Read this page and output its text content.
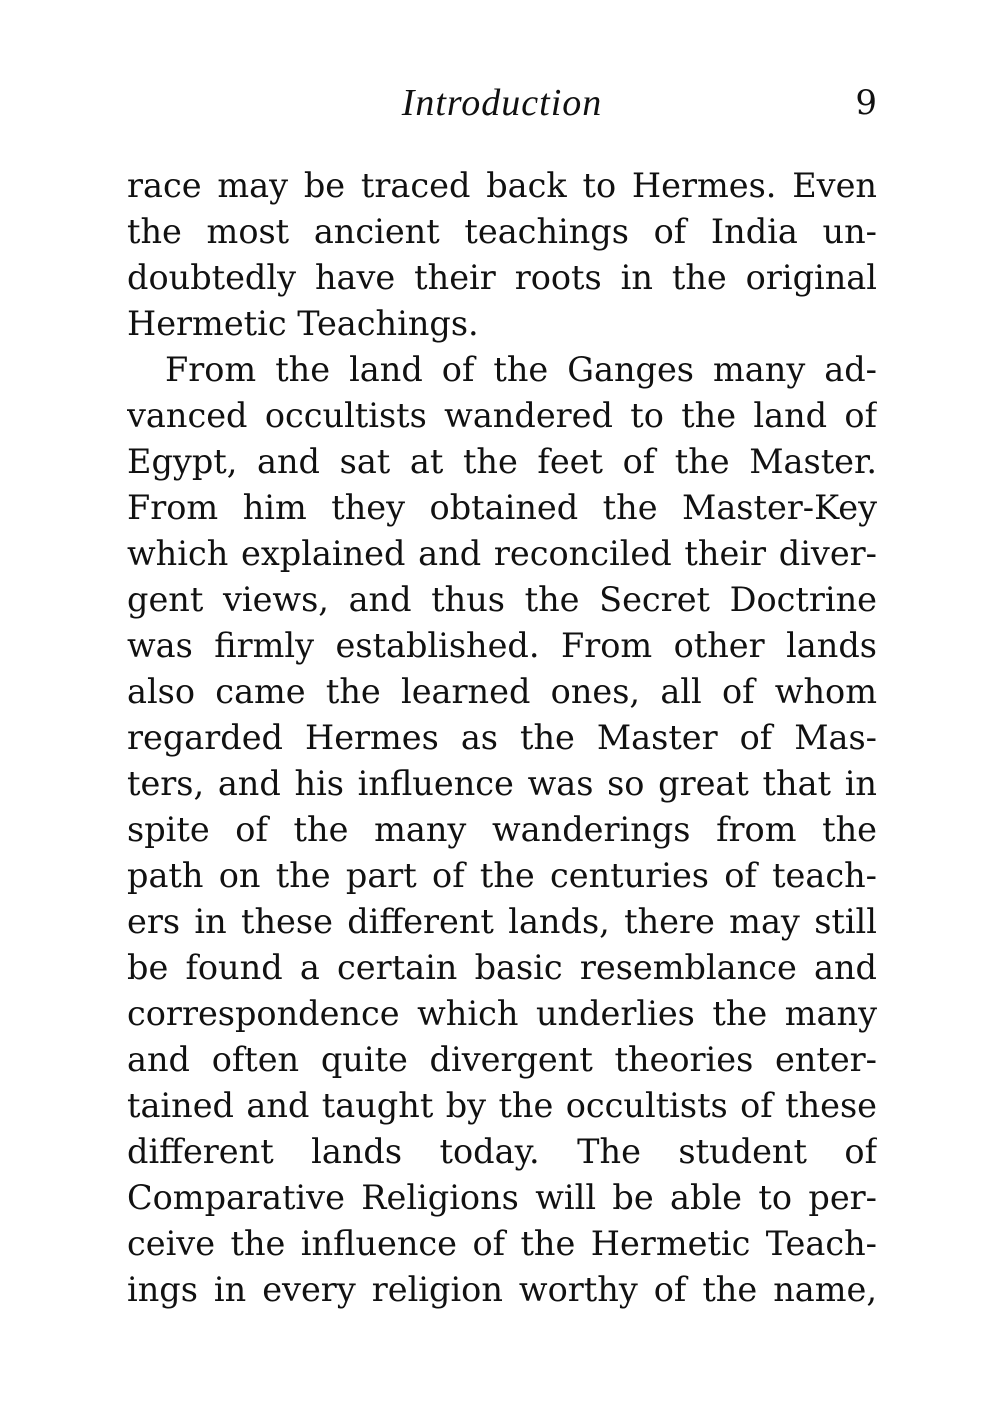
Introduction	9
race may be traced back to Hermes. Even
the most ancient teachings of India un-
doubtedly have their roots in the original
Hermetic Teachings.
From the land of the Ganges many ad-
vanced occultists wandered to the land of
Egypt, and sat at the feet of the Master.
From him they obtained the Master-Key
which explained and reconciled their diver-
gent views, and thus the Secret Doctrine
was firmly established. From other lands
also came the learned ones, all of whom
regarded Hermes as the Master of Mas-
ters, and his influence was so great that in
spite of the many wanderings from the
path on the part of the centuries of teach-
ers in these different lands, there may still
be found a certain basic resemblance and
correspondence which underlies the many
and often quite divergent theories enter-
tained and taught by the occultists of these
different lands today. The student of
Comparative Religions will be able to per-
ceive the influence of the Hermetic Teach-
ings in every religion worthy of the name,
